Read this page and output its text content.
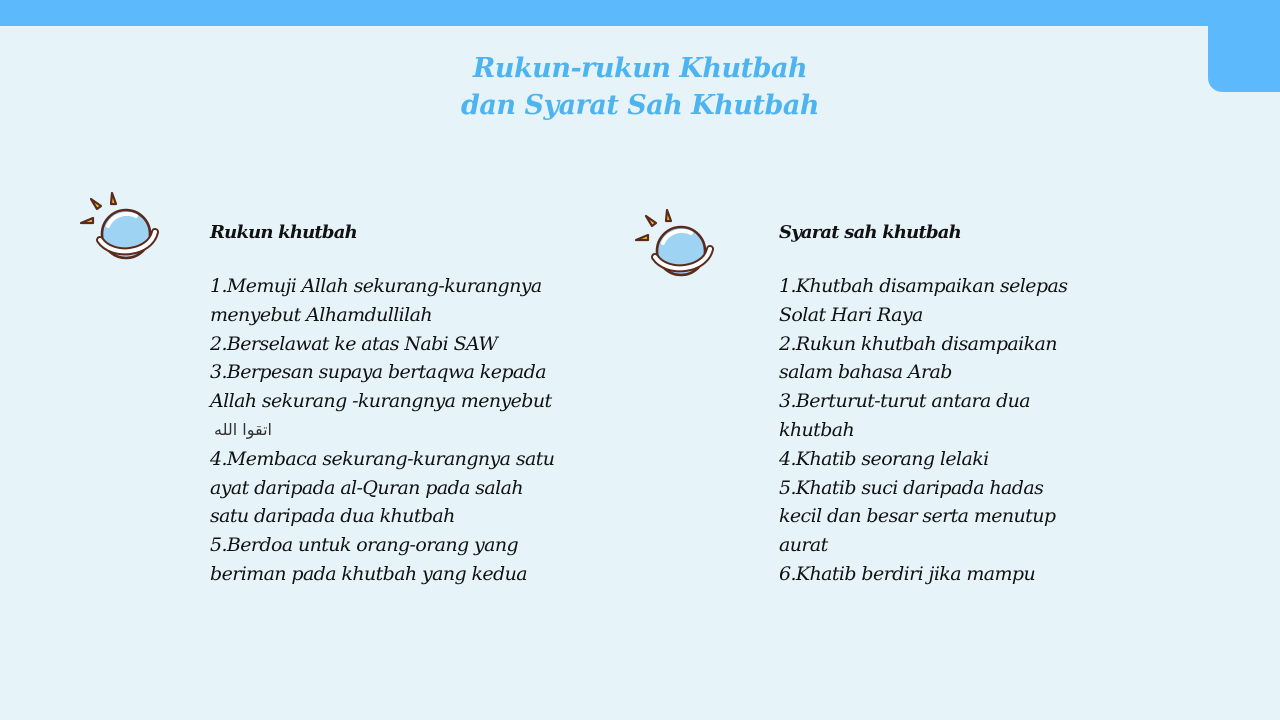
Rukun-rukun Khutbah
dan Syarat Sah Khutbah
Rukun khutbah	Syarat sah khutbah
1.Memuji Allah sekurang-kurangnya
menyebut Alhamdullilah
2.Berselawat ke atas Nabi SAW
3.Berpesan supaya bertaqwa kepada
Allah sekurang -kurangnya menyebut
اتقوا الله
4.Membaca sekurang-kurangnya satu
ayat daripada al-Quran pada salah
satu daripada dua khutbah
5.Berdoa untuk orang-orang yang
beriman pada khutbah yang kedua
1.Khutbah disampaikan selepas
Solat Hari Raya
2.Rukun khutbah disampaikan
salam bahasa Arab
3.Berturut-turut antara dua
khutbah
4.Khatib seorang lelaki
5.Khatib suci daripada hadas
kecil dan besar serta menutup
aurat
6.Khatib berdiri jika mampu
